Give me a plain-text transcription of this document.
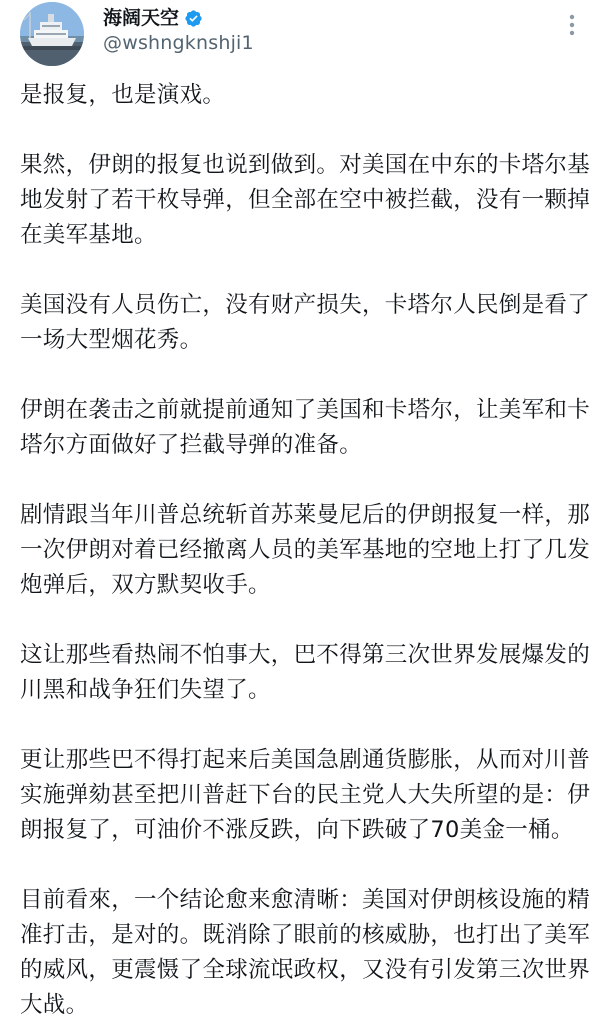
海阔天空
@wshngknshji1

是报复，也是演戏。

果然，伊朗的报复也说到做到。对美国在中东的卡塔尔基地发射了若干枚导弹，但全部在空中被拦截，没有一颗掉在美军基地。

美国没有人员伤亡，没有财产损失，卡塔尔人民倒是看了一场大型烟花秀。

伊朗在袭击之前就提前通知了美国和卡塔尔，让美军和卡塔尔方面做好了拦截导弹的准备。

剧情跟当年川普总统斩首苏莱曼尼后的伊朗报复一样，那一次伊朗对着已经撤离人员的美军基地的空地上打了几发炮弹后，双方默契收手。

这让那些看热闹不怕事大，巴不得第三次世界发展爆发的川黑和战争狂们失望了。

更让那些巴不得打起来后美国急剧通货膨胀，从而对川普实施弹劾甚至把川普赶下台的民主党人大失所望的是：伊朗报复了，可油价不涨反跌，向下跌破了70美金一桶。

目前看來，一个结论愈来愈清晰：美国对伊朗核设施的精准打击，是对的。既消除了眼前的核威胁，也打出了美军的威风，更震慑了全球流氓政权，又没有引发第三次世界大战。
